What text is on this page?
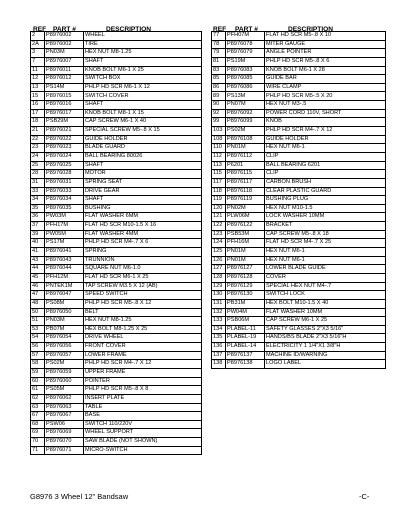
REF PART #	DESCRIPTION	REF PART #	DESCRIPTION
2	P8976002	WHEEL
2A	P8976002	TIRE
3	PN03M	HEX NUT M8-1.25
7	P8976007	SHAFT
11	P8976011	KNOB BOLT M6-1 X 25
12	P8976012	SWITCH BOX
13	PS14M	PHLP HD SCR M6-1 X 12
15	P8976015	SWITCH COVER
16	P8976016	SHAFT
17	P8976017	KNOB BOLT M8-1 X 15
18	PSB29M	CAP SCREW M6-1 X 40
21	P8976021	SPECIAL SCREW M5-.8 X 15
22	P8976022	GUIDE HOLDER
23	P8976023	BLADE GUARD
24	P8976024	BALL BEARING 80026
25	P8976025	SHAFT
28	P8976028	MOTOR
31	P8976031	SPRING SEAT
33	P8976033	DRIVE GEAR
34	P8976034	SHAFT
35	P8976035	BUSHING
36	PW03M	FLAT WASHER 6MM
37	PFH17M	FLAT HD SCR M10-1.5 X 16
39	PW05M	FLAT WASHER 4MM
40	PS17M	PHLP HD SCR M4-.7 X 6
41	P8976041	SPRING
43	P8976043	TRUNNION
44	P8976044	SQUARE NUT M6-1.0
45	PFH12M	FLAT HD SCR M6-1 X 25
46	PNTEK1M	TAP SCREW M3.5 X 12 (AB)
47	P8976047	SPEED SWITCH
48	PS08M	PHLP HD SCR M5-.8 X 12
50	P8976050	BELT
51	PN03M	HEX NUT M8-1.25
53	PB07M	HEX BOLT M8-1.25 X 25
54	P8976054	DRIVE WHEEL
56	P8976056	FRONT COVER
57	P8976057	LOWER FRAME
58	PS02M	PHLP HD SCR M4-.7 X 12
59	P8976059	UPPER FRAME
60	P8976060	POINTER
61	PS05M	PHLP HD SCR M5-.8 X 8
62	P8976062	INSERT PLATE
63	P8976063	TABLE
67	P8976067	BASE
68	PSW06	SWITCH 110/220V
69	P8976069	WHEEL SUPPORT
70	P8976070	SAW BLADE (NOT SHOWN)
71	P8976071	MICRO-SWITCH
77	PFH07M	FLAT HD SCR M5-.8 X 10
78	P8976078	MITER GAUGE
79	P8976079	ANGLE POINTER
81	PS19M	PHLP HD SCR M5-.8 X 6
83	P8976083	KNOB BOLT M6-1 X 28
85	P8976085	GUIDE BAR
86	P8976086	WIRE CLAMP
89	PS13M	PHLP HD SCR M5-.5 X 20
90	PN07M	HEX NUT M3-.5
92	P8976092	POWER CORD 110V, SHORT
99	P8976099	KNOB
103	PS02M	PHLP HD SCR M4-.7 X 12
108	P8976108	GUIDE HOLDER
110	PN01M	HEX NUT M6-1
112	P8976112	CLIP
113	P6201	BALL BEARING 6201
115	P8976115	CLIP
117	P8976117	CARBON BRUSH
118	P8976118	CLEAR PLASTIC GUARD
119	P8976119	BUSHING PLUG
120	PN02M	HEX NUT M10-1.5
121	PLW06M	LOCK WASHER 10MM
122	P8976122	BRACKET
123	PSB53M	CAP SCREW M5-.8 X 18
124	PFH16M	FLAT HD SCR M4-.7 X 25
125	PN01M	HEX NUT M6-1
126	PN01M	HEX NUT M6-1
127	P8976127	LOWER BLADE GUIDE
128	P8976128	COVER
129	P8976129	SPECIAL HEX NUT M4-.7
130	P8976130	SWITCH LOCK
131	PB31M	HEX BOLT M10-1.5 X 40
132	PW04M	FLAT WASHER 10MM
133	PSB06M	CAP SCREW M6-1 X 25
134	PLABEL-11	SAFETY GLASSES 2"X3 5/16"
135	PLABEL-19	HANDS/BS BLADE 2"X3 5/16"H
136	PLABEL-14	ELECTRICITY 1 1/4"X1 3/8"H
137	P8976137	MACHINE ID/WARNING
138	P8976138	LOGO LABEL
G8976 3 Wheel 12" Bandsaw	-C-
